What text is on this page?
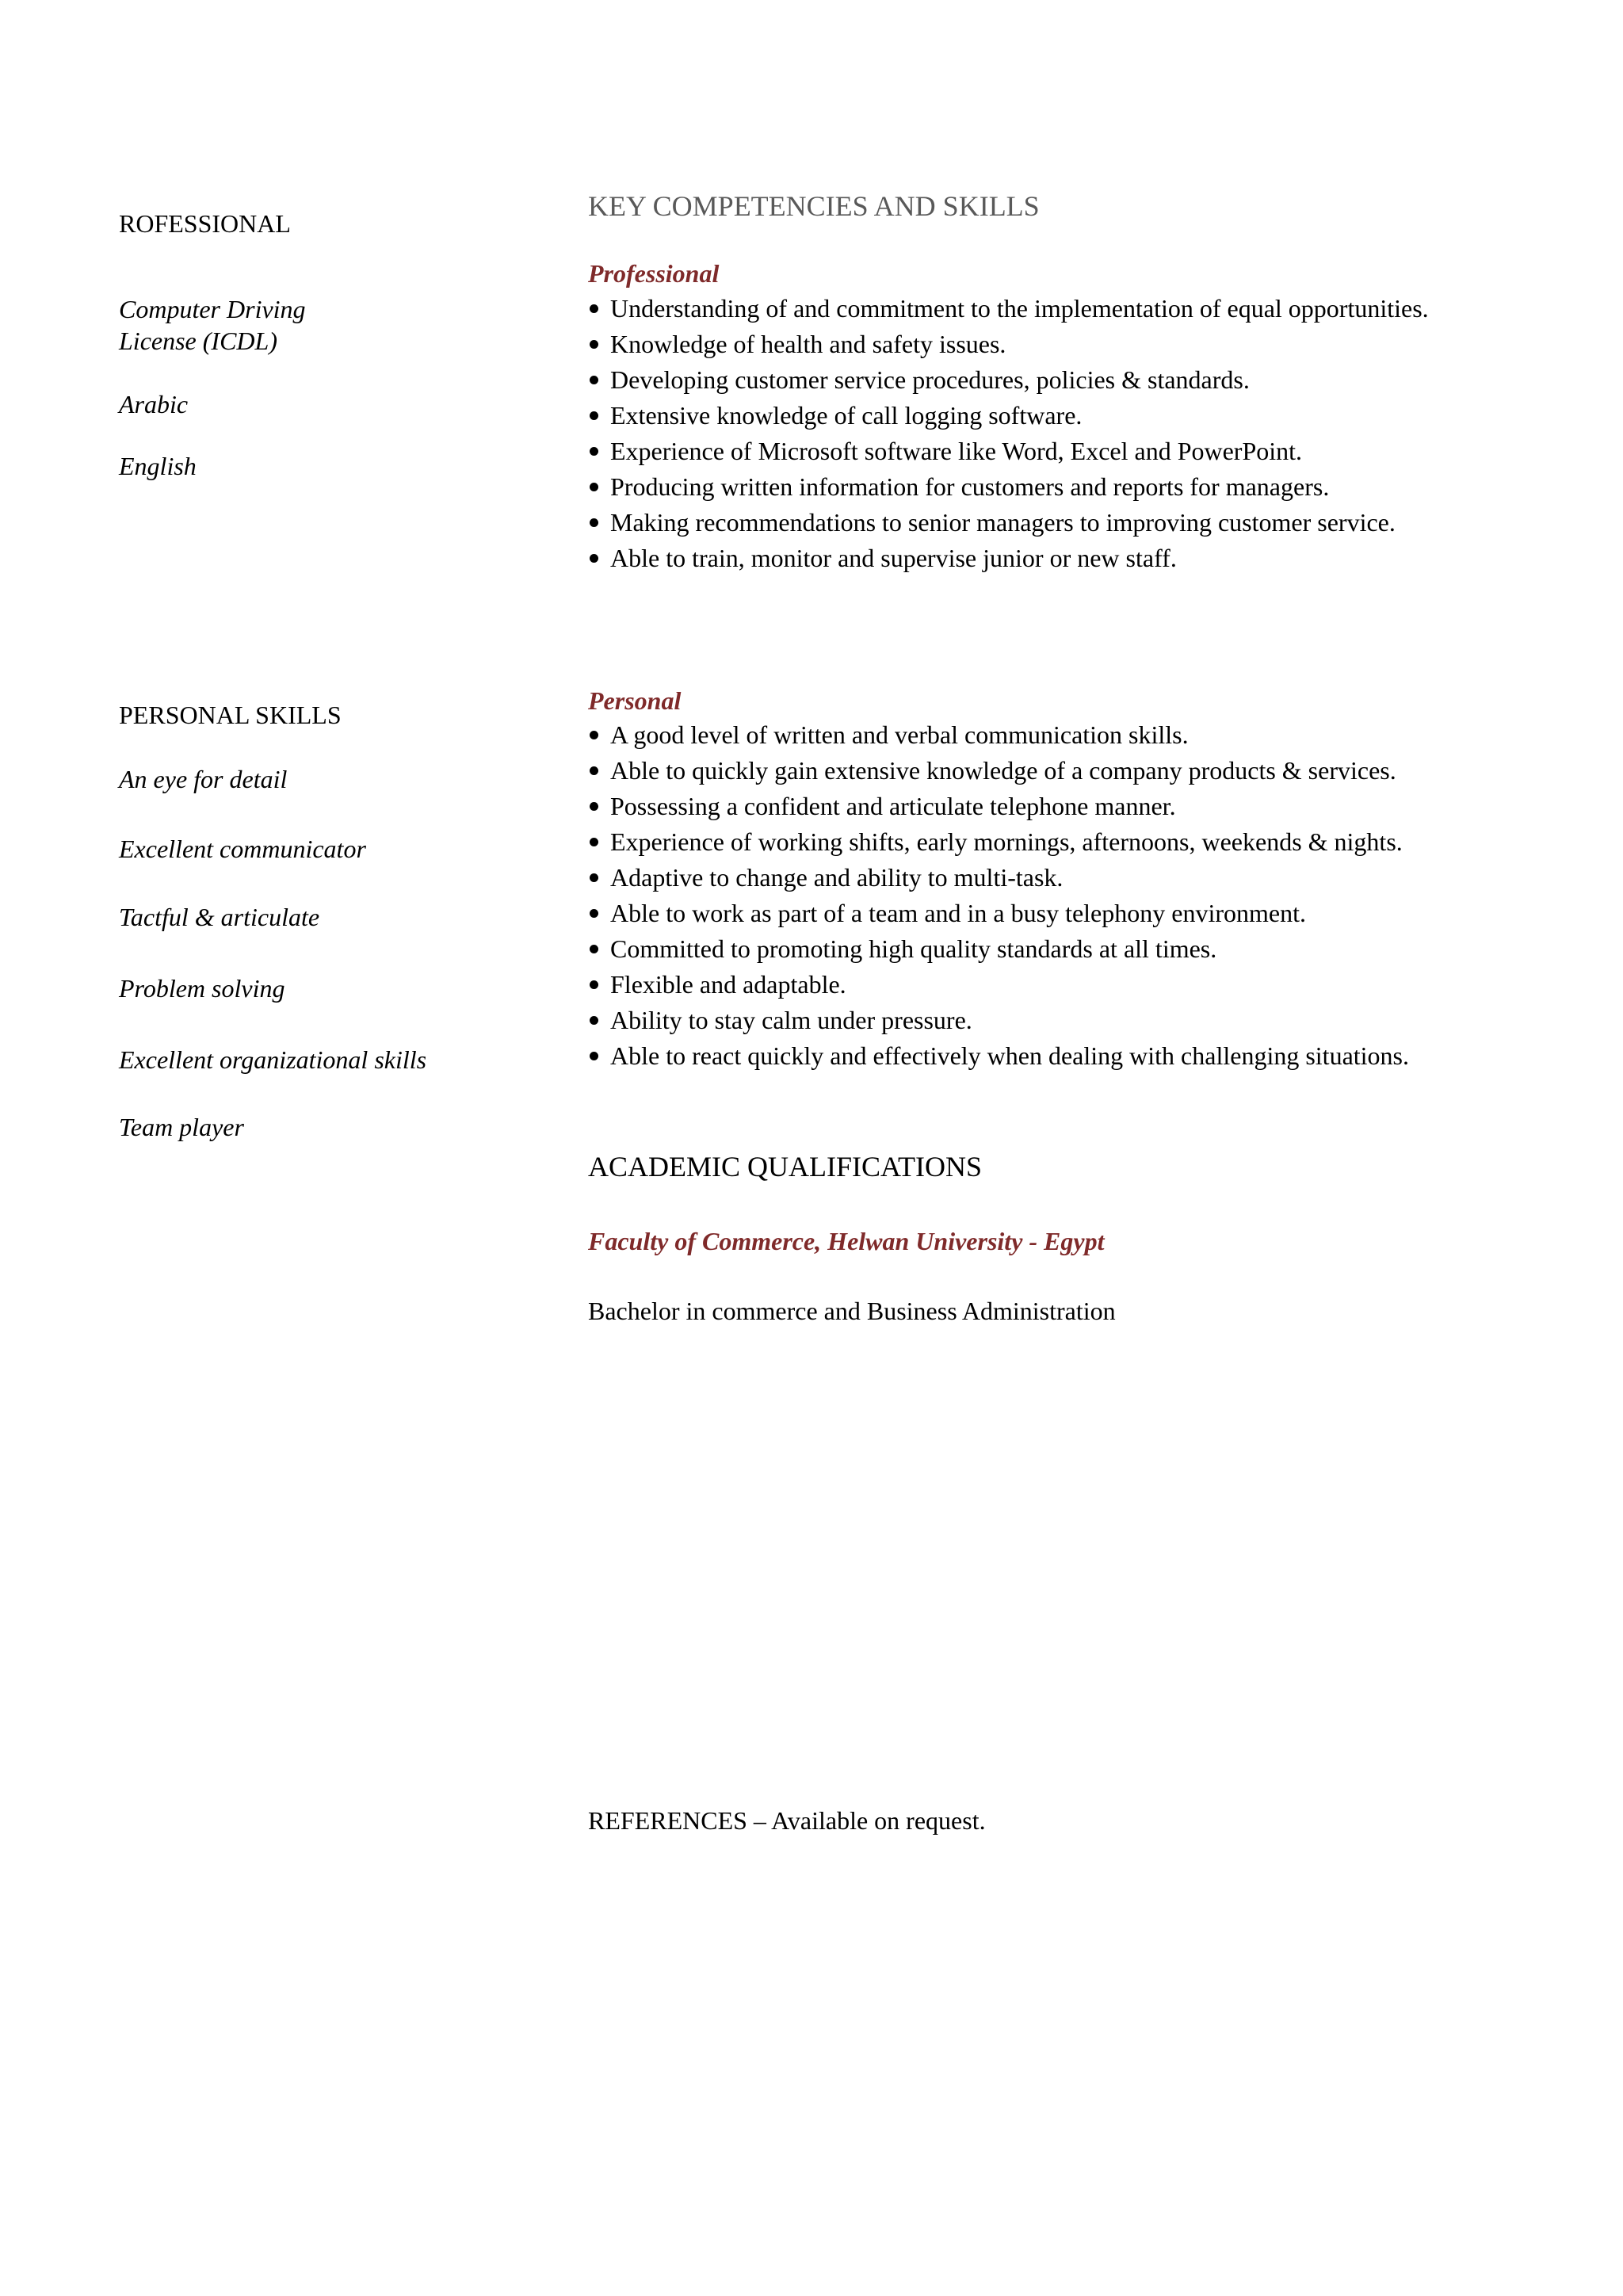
ROFESSIONAL

Computer Driving

License (ICDL)

Arabic

English

PERSONAL SKILLS

An eye for detail

Excellent communicator

Tactful & articulate

Problem solving

Excellent organizational skills

Team player

KEY COMPETENCIES AND SKILLS

Professional

Understanding of and commitment to the implementation of equal opportunities.
Knowledge of health and safety issues.
Developing customer service procedures, policies & standards.
Extensive knowledge of call logging software.
Experience of Microsoft software like Word, Excel and PowerPoint.
Producing written information for customers and reports for managers.
Making recommendations to senior managers to improving customer service.
Able to train, monitor and supervise junior or new staff.

Personal

A good level of written and verbal communication skills.
Able to quickly gain extensive knowledge of a company products & services.
Possessing a confident and articulate telephone manner.
Experience of working shifts, early mornings, afternoons, weekends & nights.
Adaptive to change and ability to multi-task.
Able to work as part of a team and in a busy telephony environment.
Committed to promoting high quality standards at all times.
Flexible and adaptable.
Ability to stay calm under pressure.
Able to react quickly and effectively when dealing with challenging situations.

ACADEMIC QUALIFICATIONS

Faculty of Commerce, Helwan University - Egypt

Bachelor in commerce and Business Administration

REFERENCES – Available on request.
